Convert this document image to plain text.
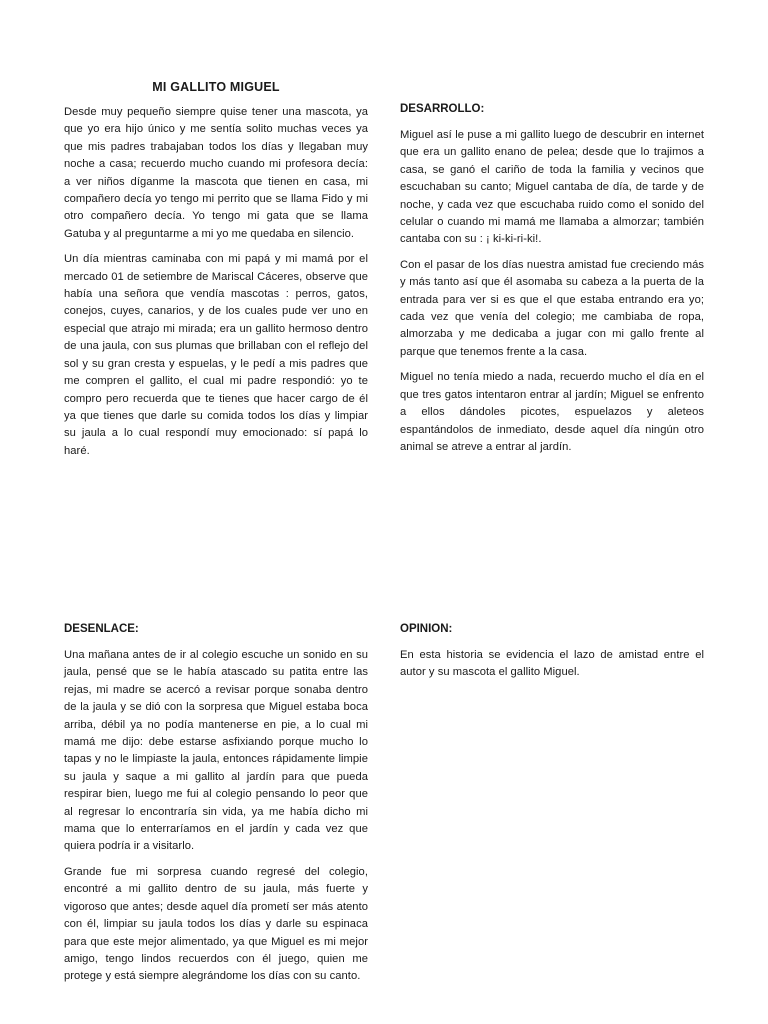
MI GALLITO MIGUEL

Desde muy pequeño siempre quise tener una mascota, ya que yo era hijo único y me sentía solito muchas veces ya que mis padres trabajaban todos los días y llegaban muy noche a casa; recuerdo mucho cuando mi profesora decía: a ver niños díganme la mascota que tienen en casa, mi compañero decía yo tengo mi perrito que se llama Fido y mi otro compañero decía. Yo tengo mi gata que se llama Gatuba y al preguntarme a mi yo me quedaba en silencio.

Un día mientras caminaba con mi papá y mi mamá por el mercado 01 de setiembre de Mariscal Cáceres, observe que había una señora que vendía mascotas : perros, gatos, conejos, cuyes, canarios, y de los cuales pude ver uno en especial que atrajo mi mirada; era un gallito hermoso dentro de una jaula, con sus plumas que brillaban con el reflejo del sol y su gran cresta y espuelas, y le pedí a mis padres que me compren el gallito, el cual mi padre respondió: yo te compro pero recuerda que te tienes que hacer cargo de él ya que tienes que darle su comida todos los días y limpiar su jaula a lo cual respondí muy emocionado: sí papá lo haré.

DESARROLLO:

Miguel así le puse a mi gallito luego de descubrir en internet que era un gallito enano de pelea; desde que lo trajimos a casa, se ganó el cariño de toda la familia y vecinos que escuchaban su canto; Miguel cantaba de día, de tarde y de noche, y cada vez que escuchaba ruido como el sonido del celular o cuando mi mamá me llamaba a almorzar; también cantaba con su : ¡ ki-ki-ri-ki!.

Con el pasar de los días nuestra amistad fue creciendo más y más tanto así que él asomaba su cabeza a la puerta de la entrada para ver si es que el que estaba entrando era yo; cada vez que venía del colegio; me cambiaba de ropa, almorzaba y me dedicaba a jugar con mi gallo frente al parque que tenemos frente a la casa.

Miguel no tenía miedo a nada, recuerdo mucho el día en el que tres gatos intentaron entrar al jardín; Miguel se enfrento a ellos dándoles picotes, espuelazos y aleteos espantándolos de inmediato, desde aquel día ningún otro animal se atreve a entrar al jardín.

DESENLACE:

Una mañana antes de ir al colegio escuche un sonido en su jaula, pensé que se le había atascado su patita entre las rejas, mi madre se acercó a revisar porque sonaba dentro de la jaula y se dió con la sorpresa que Miguel estaba boca arriba, débil ya no podía mantenerse en pie, a lo cual mi mamá me dijo: debe estarse asfixiando porque mucho lo tapas y no le limpiaste la jaula, entonces rápidamente limpie su jaula y saque a mi gallito al jardín para que pueda respirar bien, luego me fui al colegio pensando lo peor que al regresar lo encontraría sin vida, ya me había dicho mi mama que lo enterraríamos en el jardín y cada vez que quiera podría ir a visitarlo.

Grande fue mi sorpresa cuando regresé del colegio, encontré a mi gallito dentro de su jaula, más fuerte y vigoroso que antes; desde aquel día prometí ser más atento con él, limpiar su jaula todos los días y darle su espinaca para que este mejor alimentado, ya que Miguel es mi mejor amigo, tengo lindos recuerdos con él juego, quien me protege y está siempre alegrándome los días con su canto.

OPINION:

En esta historia se evidencia el lazo de amistad entre el autor y su mascota el gallito Miguel.
